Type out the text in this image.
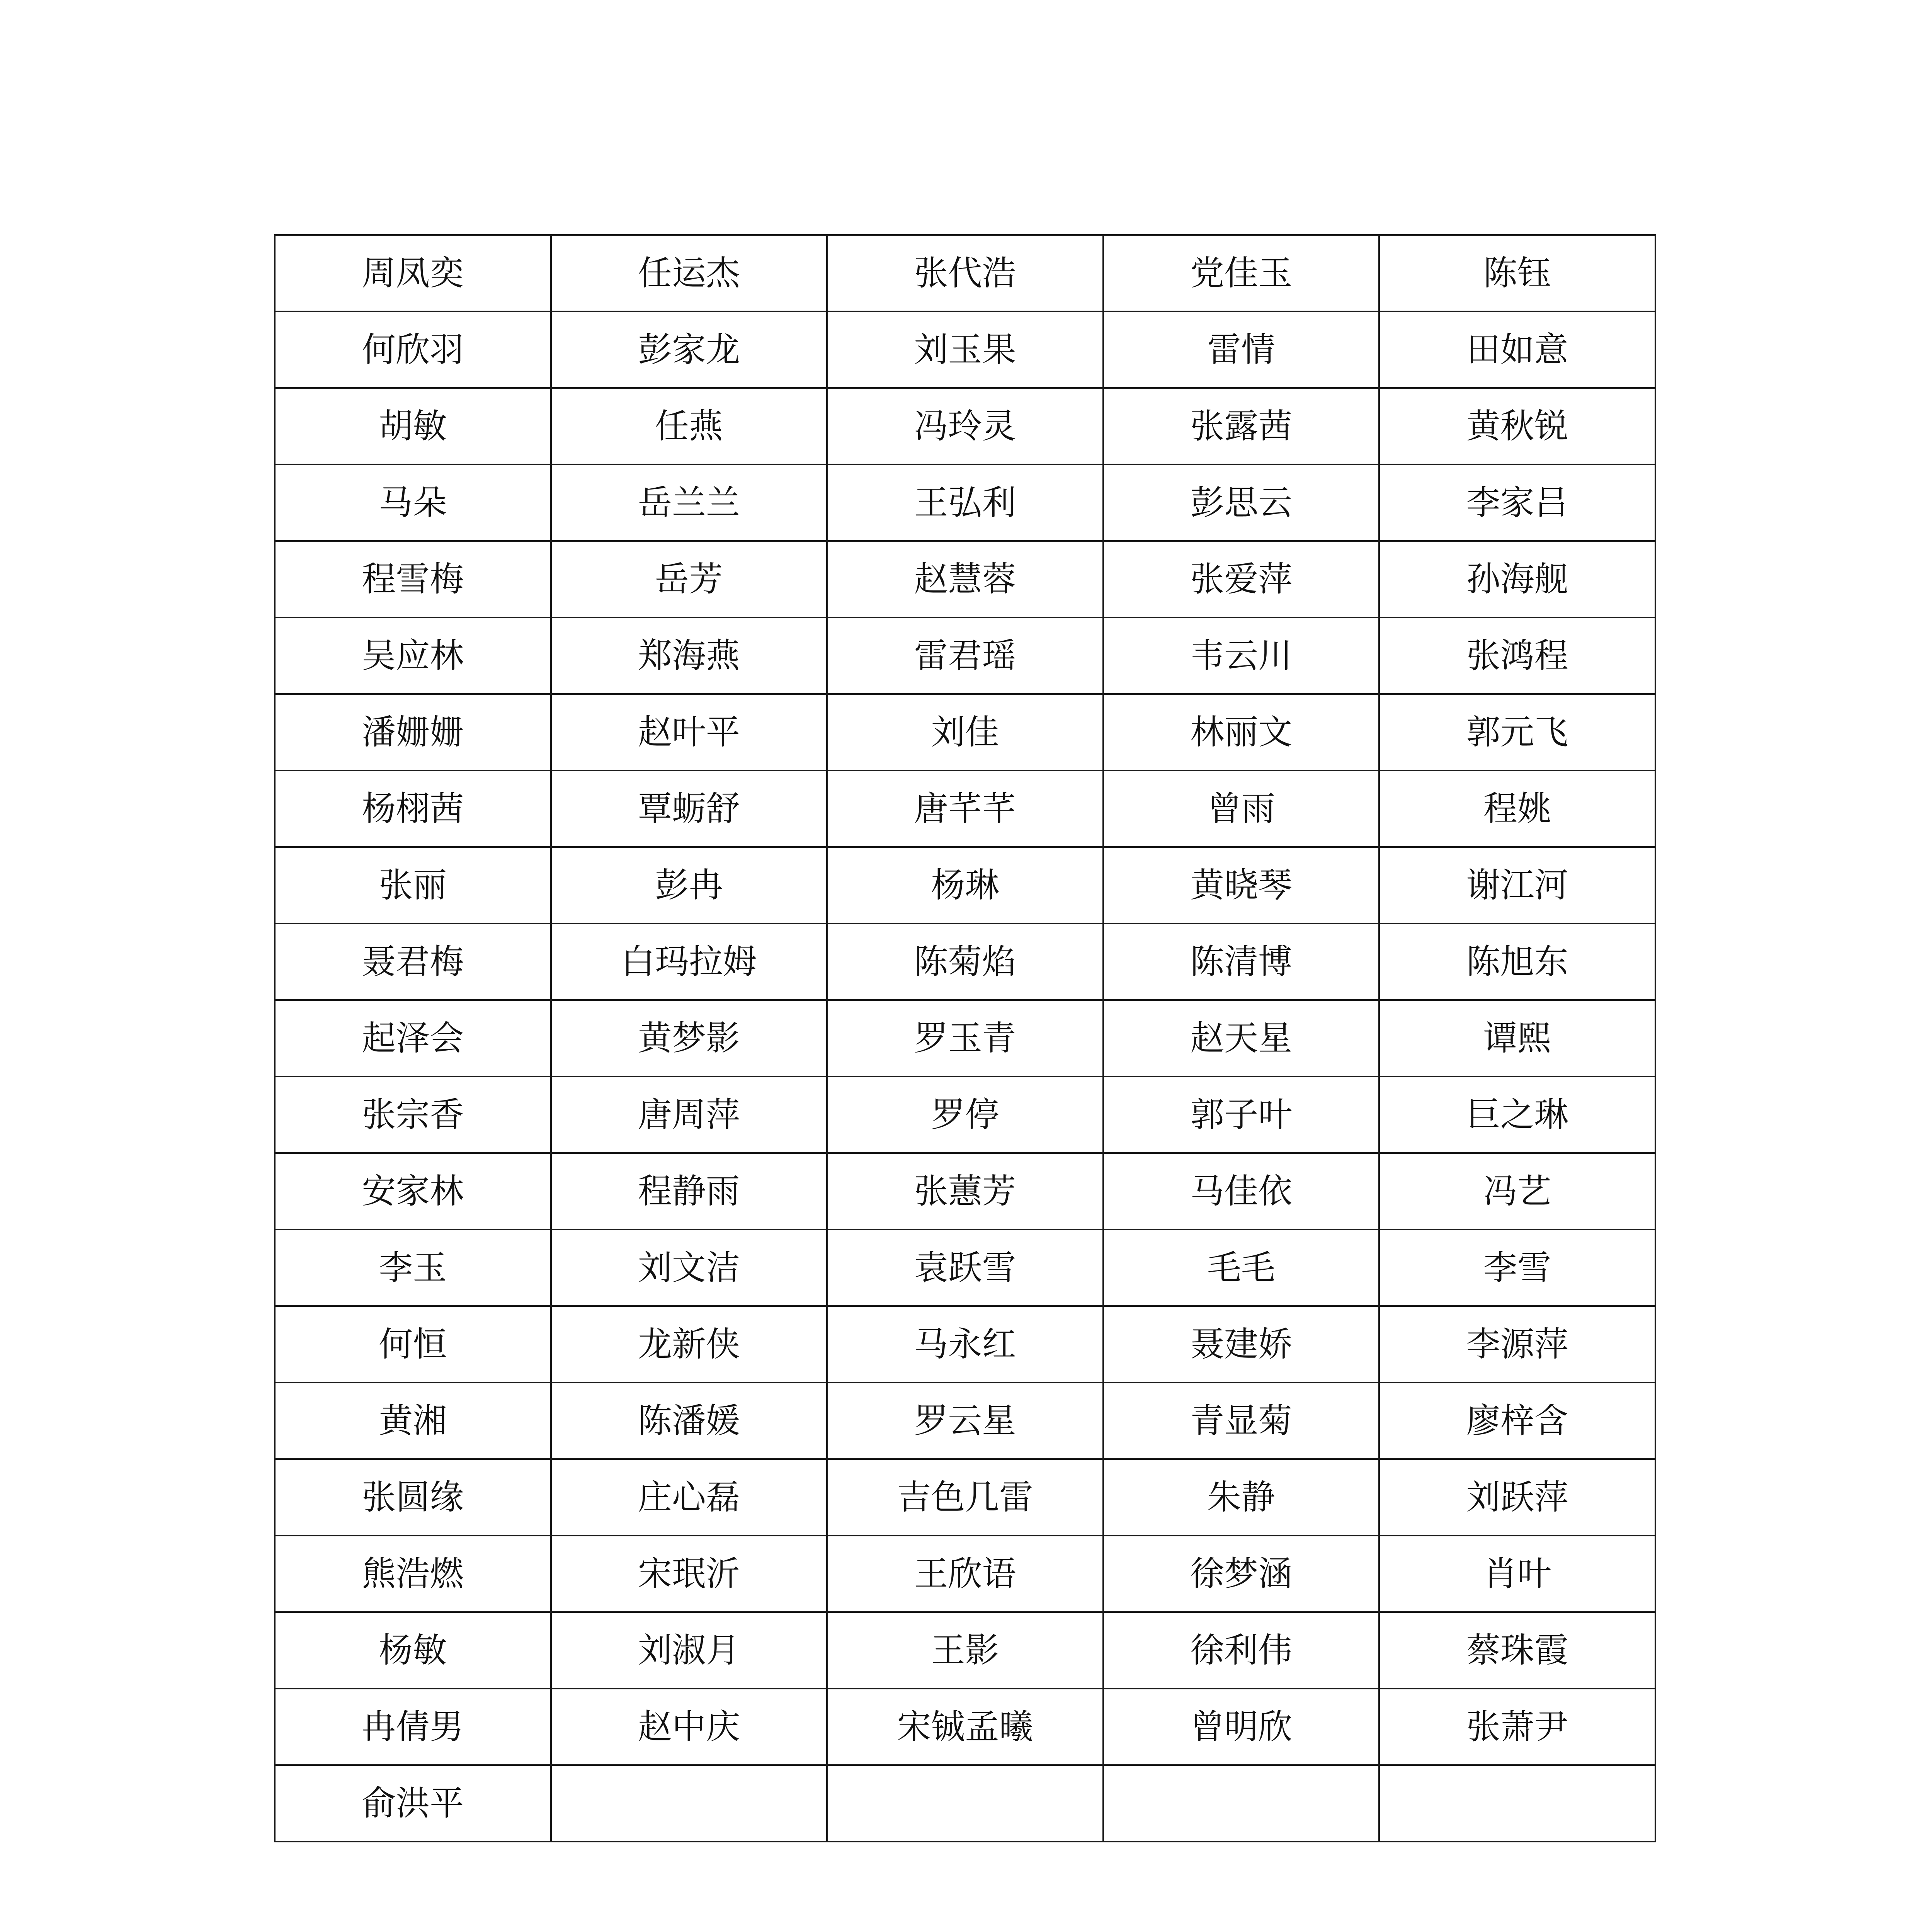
周凤奕	任运杰	张代浩	党佳玉	陈钰
何欣羽	彭家龙	刘玉果	雷情	田如意
胡敏	任燕	冯玲灵	张露茜	黄秋锐
马朵	岳兰兰	王弘利	彭思云	李家吕
程雪梅	岳芳	赵慧蓉	张爱萍	孙海舰
吴应林	郑海燕	雷君瑶	韦云川	张鸿程
潘姗姗	赵叶平	刘佳	林丽文	郭元飞
杨栩茜	覃蛎舒	唐芊芊	曾雨	程姚
张丽	彭冉	杨琳	黄晓琴	谢江河
聂君梅	白玛拉姆	陈菊焰	陈清博	陈旭东
起泽会	黄梦影	罗玉青	赵天星	谭熙
张宗香	唐周萍	罗停	郭子叶	巨之琳
安家林	程静雨	张蕙芳	马佳依	冯艺
李玉	刘文洁	袁跃雪	毛毛	李雪
何恒	龙新侠	马永红	聂建娇	李源萍
黄湘	陈潘媛	罗云星	青显菊	廖梓含
张圆缘	庄心磊	吉色几雷	朱静	刘跃萍
熊浩燃	宋珉沂	王欣语	徐梦涵	肖叶
杨敏	刘淑月	王影	徐利伟	蔡珠霞
冉倩男	赵中庆	宋铖孟曦	曾明欣	张萧尹
俞洪平				
